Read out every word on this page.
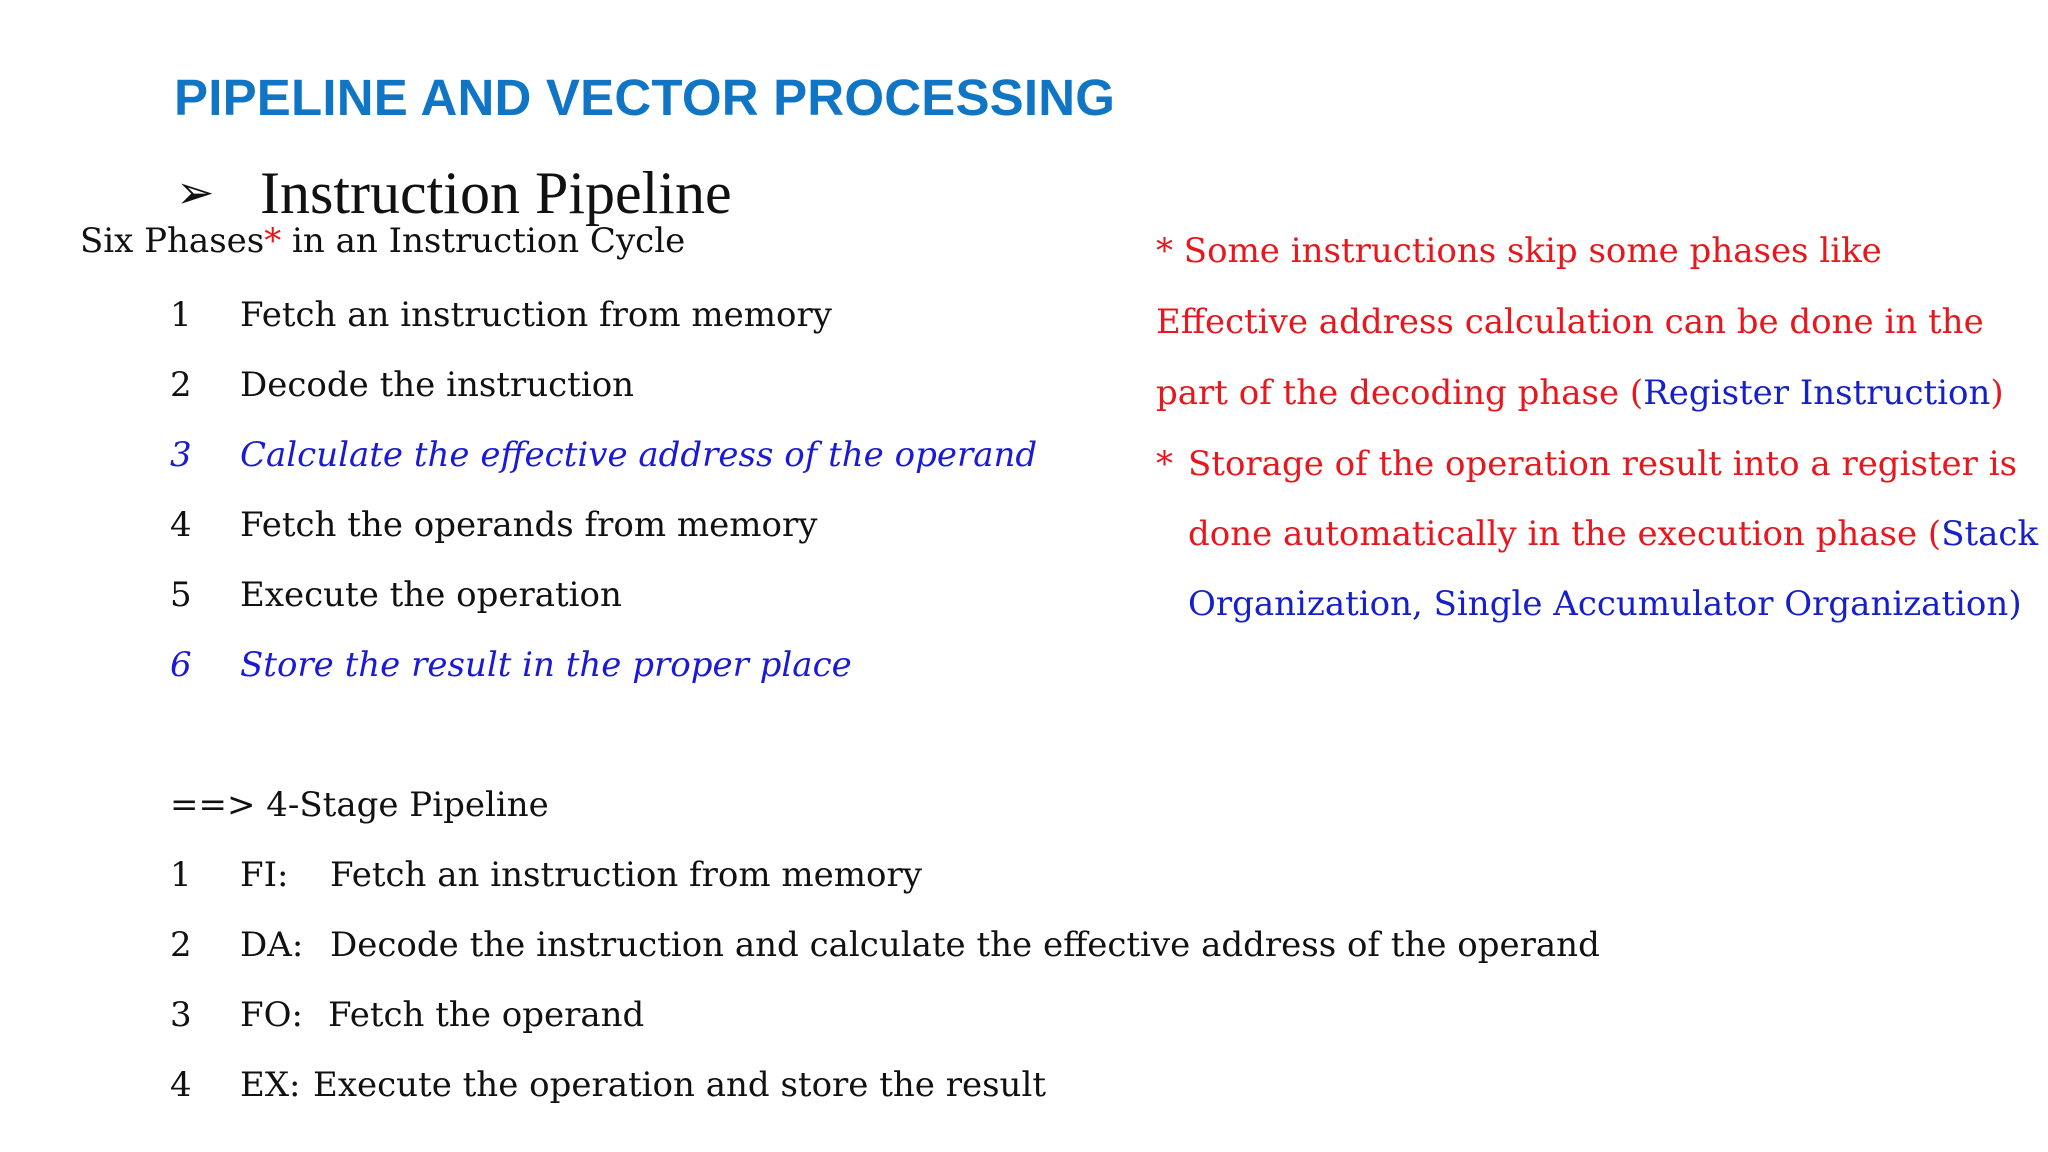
PIPELINE AND VECTOR PROCESSING
➢ Instruction Pipeline
Six Phases* in an Instruction Cycle
1 Fetch an instruction from memory
2 Decode the instruction
3 Calculate the effective address of the operand
4 Fetch the operands from memory
5 Execute the operation
6 Store the result in the proper place
* Some instructions skip some phases like
Effective address calculation can be done in the
part of the decoding phase (Register Instruction)
* Storage of the operation result into a register is
done automatically in the execution phase (Stack
Organization, Single Accumulator Organization)
==> 4-Stage Pipeline
1 FI: Fetch an instruction from memory
2 DA: Decode the instruction and calculate the effective address of the operand
3 FO: Fetch the operand
4 EX: Execute the operation and store the result
